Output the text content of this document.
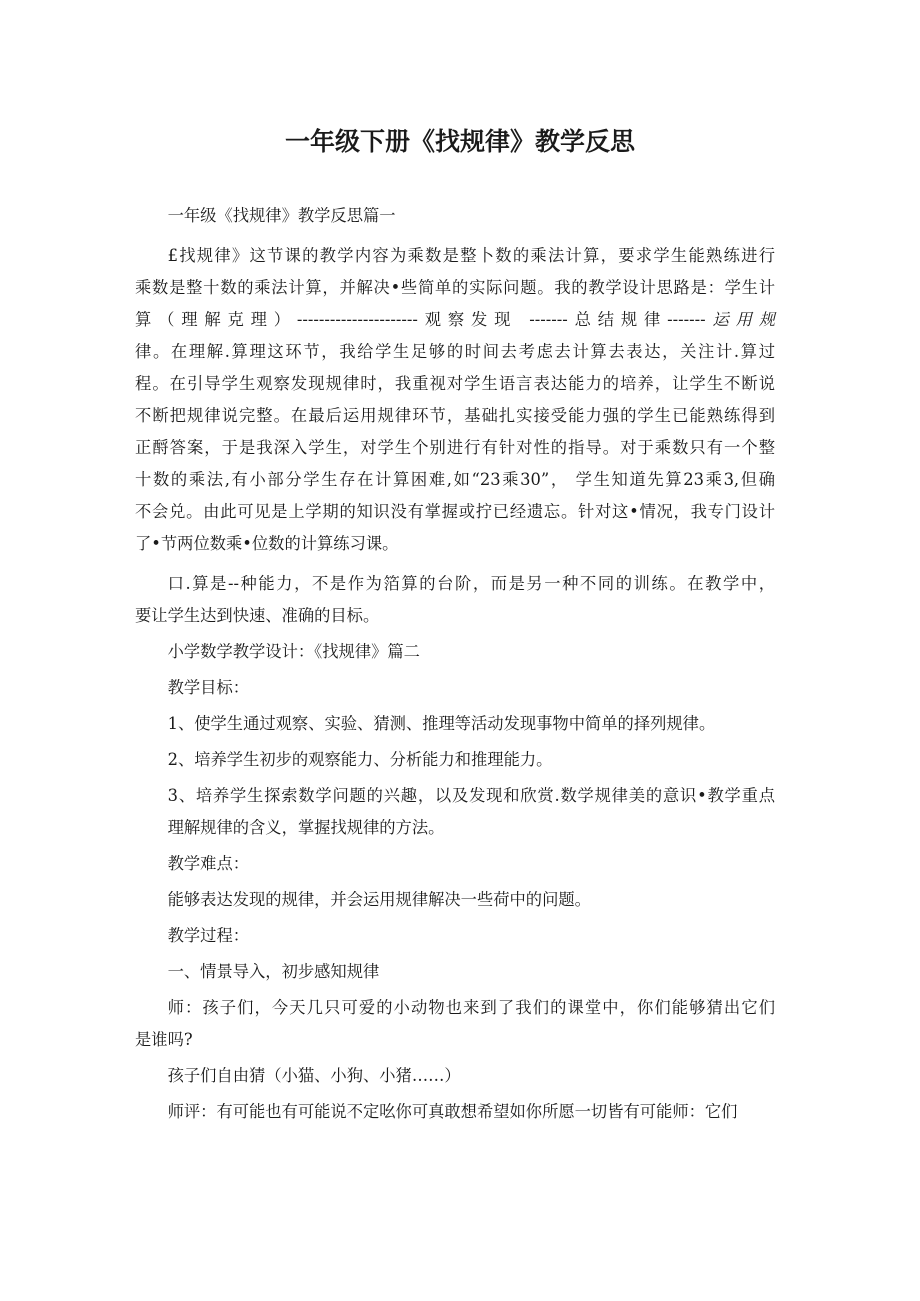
一年级下册《找规律》教学反思
一年级《找规律》教学反思篇一
£找规律》这节课的教学内容为乘数是整卜数的乘法计算，要求学生能熟练进行
乘数是整十数的乘法计算，并解决•些简单的实际问题。我的教学设计思路是：学生计
算（理解克理）----------------------观察发现 -------总结规律-------运用规
律。在理解.算理这环节，我给学生足够的时间去考虑去计算去表达，关注计.算过
程。在引导学生观察发现规律时，我重视对学生语言表达能力的培养，让学生不断说
不断把规律说完整。在最后运用规律环节，基础扎实接受能力强的学生已能熟练得到
正酹答案，于是我深入学生，对学生个别进行有针对性的指导。对于乘数只有一个整
十数的乘法,有小部分学生存在计算困难,如“23乘30”， 学生知道先算23乘3,但确
不会兑。由此可见是上学期的知识没有掌握或拧已经遗忘。针对这•情况，我专门设计
了•节两位数乘•位数的计算练习课。
口.算是--种能力，不是作为箔算的台阶，而是另一种不同的训练。在教学中，
要让学生达到快速、准确的目标。
小学数学教学设计：《找规律》篇二
教学目标：
1、使学生通过观察、实验、猜测、推理等活动发现事物中简单的择列规律。
2、培养学生初步的观察能力、分析能力和推理能力。
3、培养学生探索数学问题的兴趣，以及发现和欣赏.数学规律美的意识•教学重点
理解规律的含义，掌握找规律的方法。
教学难点：
能够表达发现的规律，并会运用规律解决一些荷中的问题。
教学过程：
一、情景导入，初步感知规律
师：孩子们，今天几只可爱的小动物也来到了我们的课堂中，你们能够猜出它们
是谁吗?
孩子们自由猜（小猫、小狗、小猪……）
师评：有可能也有可能说不定吆你可真敢想希望如你所愿一切皆有可能师：它们
